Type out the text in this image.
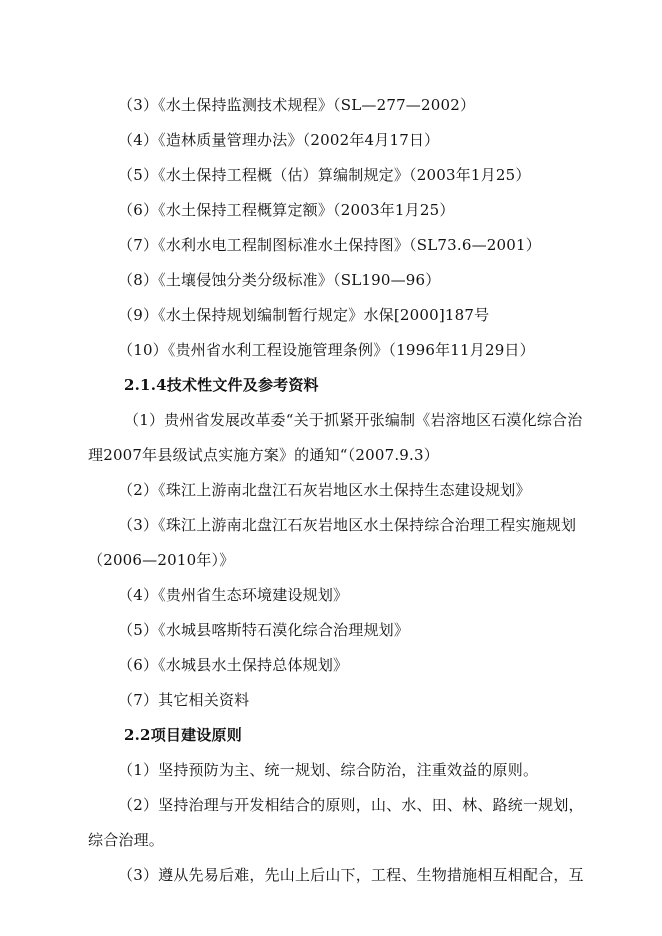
（3）《水土保持监测技术规程》（SL—277—2002）
（4）《造林质量管理办法》（2002年4月17日）
（5）《水土保持工程概（估）算编制规定》（2003年1月25）
（6）《水土保持工程概算定额》（2003年1月25）
（7）《水利水电工程制图标准水土保持图》（SL73.6—2001）
（8）《土壤侵蚀分类分级标准》（SL190—96）
（9）《水土保持规划编制暂行规定》水保[2000]187号
（10）《贵州省水利工程设施管理条例》（1996年11月29日）
2.1.4技术性文件及参考资料
（1）贵州省发展改革委“关于抓紧开张编制《岩溶地区石漠化综合治
理2007年县级试点实施方案》的通知“（2007.9.3）
（2）《珠江上游南北盘江石灰岩地区水土保持生态建设规划》
（3）《珠江上游南北盘江石灰岩地区水土保持综合治理工程实施规划
（2006—2010年）》
（4）《贵州省生态环境建设规划》
（5）《水城县喀斯特石漠化综合治理规划》
（6）《水城县水土保持总体规划》
（7）其它相关资料
2.2项目建设原则
（1）坚持预防为主、统一规划、综合防治，注重效益的原则。
（2）坚持治理与开发相结合的原则，山、水、田、林、路统一规划，
综合治理。
（3）遵从先易后难，先山上后山下，工程、生物措施相互相配合，互
